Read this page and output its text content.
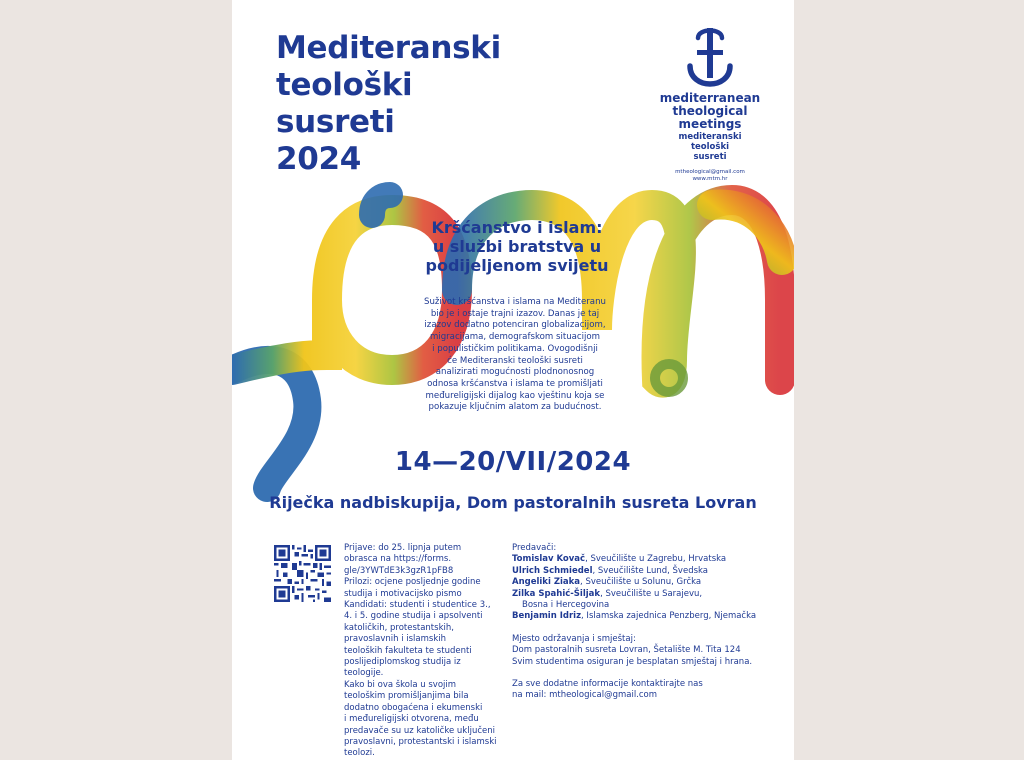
Mediteranski
teološki
susreti
2024
mediterranean
theological
meetings
mediteranski
teološki
susreti
mtheological@gmail.com
www.mtm.hr
Kršćanstvo i islam:
u službi bratstva u
podijeljenom svijetu
Suživot kršćanstva i islama na Mediteranu
bio je i ostaje trajni izazov. Danas je taj
izazov dodatno potenciran globalizacijom,
migracijama, demografskom situacijom
i populističkim politikama. Ovogodišnji
će Mediteranski teološki susreti
analizirati mogućnosti plodnonosnog
odnosa kršćanstva i islama te promišljati
međureligijski dijalog kao vještinu koja se
pokazuje ključnim alatom za budućnost.
14—20/VII/2024
Riječka nadbiskupija, Dom pastoralnih susreta Lovran
Prijave: do 25. lipnja putem
obrasca na https://forms.
gle/3YWTdE3k3gzR1pFB8
Prilozi: ocjene posljednje godine
studija i motivacijsko pismo
Kandidati: studenti i studentice 3.,
4. i 5. godine studija i apsolventi
katoličkih, protestantskih,
pravoslavnih i islamskih
teoloških fakulteta te studenti
poslijediplomskog studija iz teologije.
Kako bi ova škola u svojim
teološkim promišljanjima bila
dodatno obogaćena i ekumenski
i međureligijski otvorena, među
predavače su uz katoličke uključeni
pravoslavni, protestantski i islamski
teolozi.
Predavači:
Tomislav Kovač, Sveučilište u Zagrebu, Hrvatska
Ulrich Schmiedel, Sveučilište Lund, Švedska
Angeliki Ziaka, Sveučilište u Solunu, Grčka
Zilka Spahić-Šiljak, Sveučilište u Sarajevu,
Bosna i Hercegovina
Benjamin Idriz, Islamska zajednica Penzberg, Njemačka
Mjesto održavanja i smještaj:
Dom pastoralnih susreta Lovran, Šetalište M. Tita 124
Svim studentima osiguran je besplatan smještaj i hrana.
Za sve dodatne informacije kontaktirajte nas
na mail: mtheological@gmail.com
